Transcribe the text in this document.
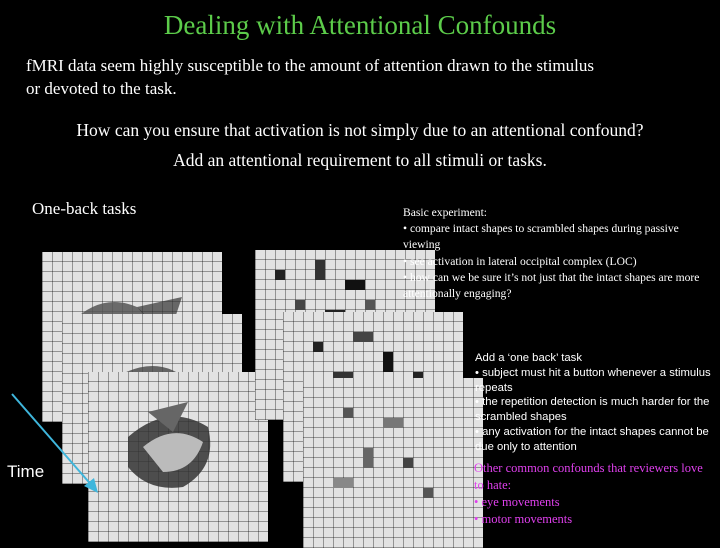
Dealing with Attentional Confounds
fMRI data seem highly susceptible to the amount of attention drawn to the stimulus
or devoted to the task.
How can you ensure that activation is not simply due to an attentional confound?
Add an attentional requirement to all stimuli or tasks.
One-back tasks
Time
Basic experiment:
• compare intact shapes to scrambled shapes during passive viewing
• see activation in lateral occipital complex (LOC)
• how can we be sure it’s not just that the intact shapes are more attentionally engaging?
Add a ‘one back’ task
• subject must hit a button whenever a stimulus repeats
• the repetition detection is much harder for the scrambled shapes
• any activation for the intact shapes cannot be due only to attention
Other common confounds that reviewers love to hate:
• eye movements
• motor movements
